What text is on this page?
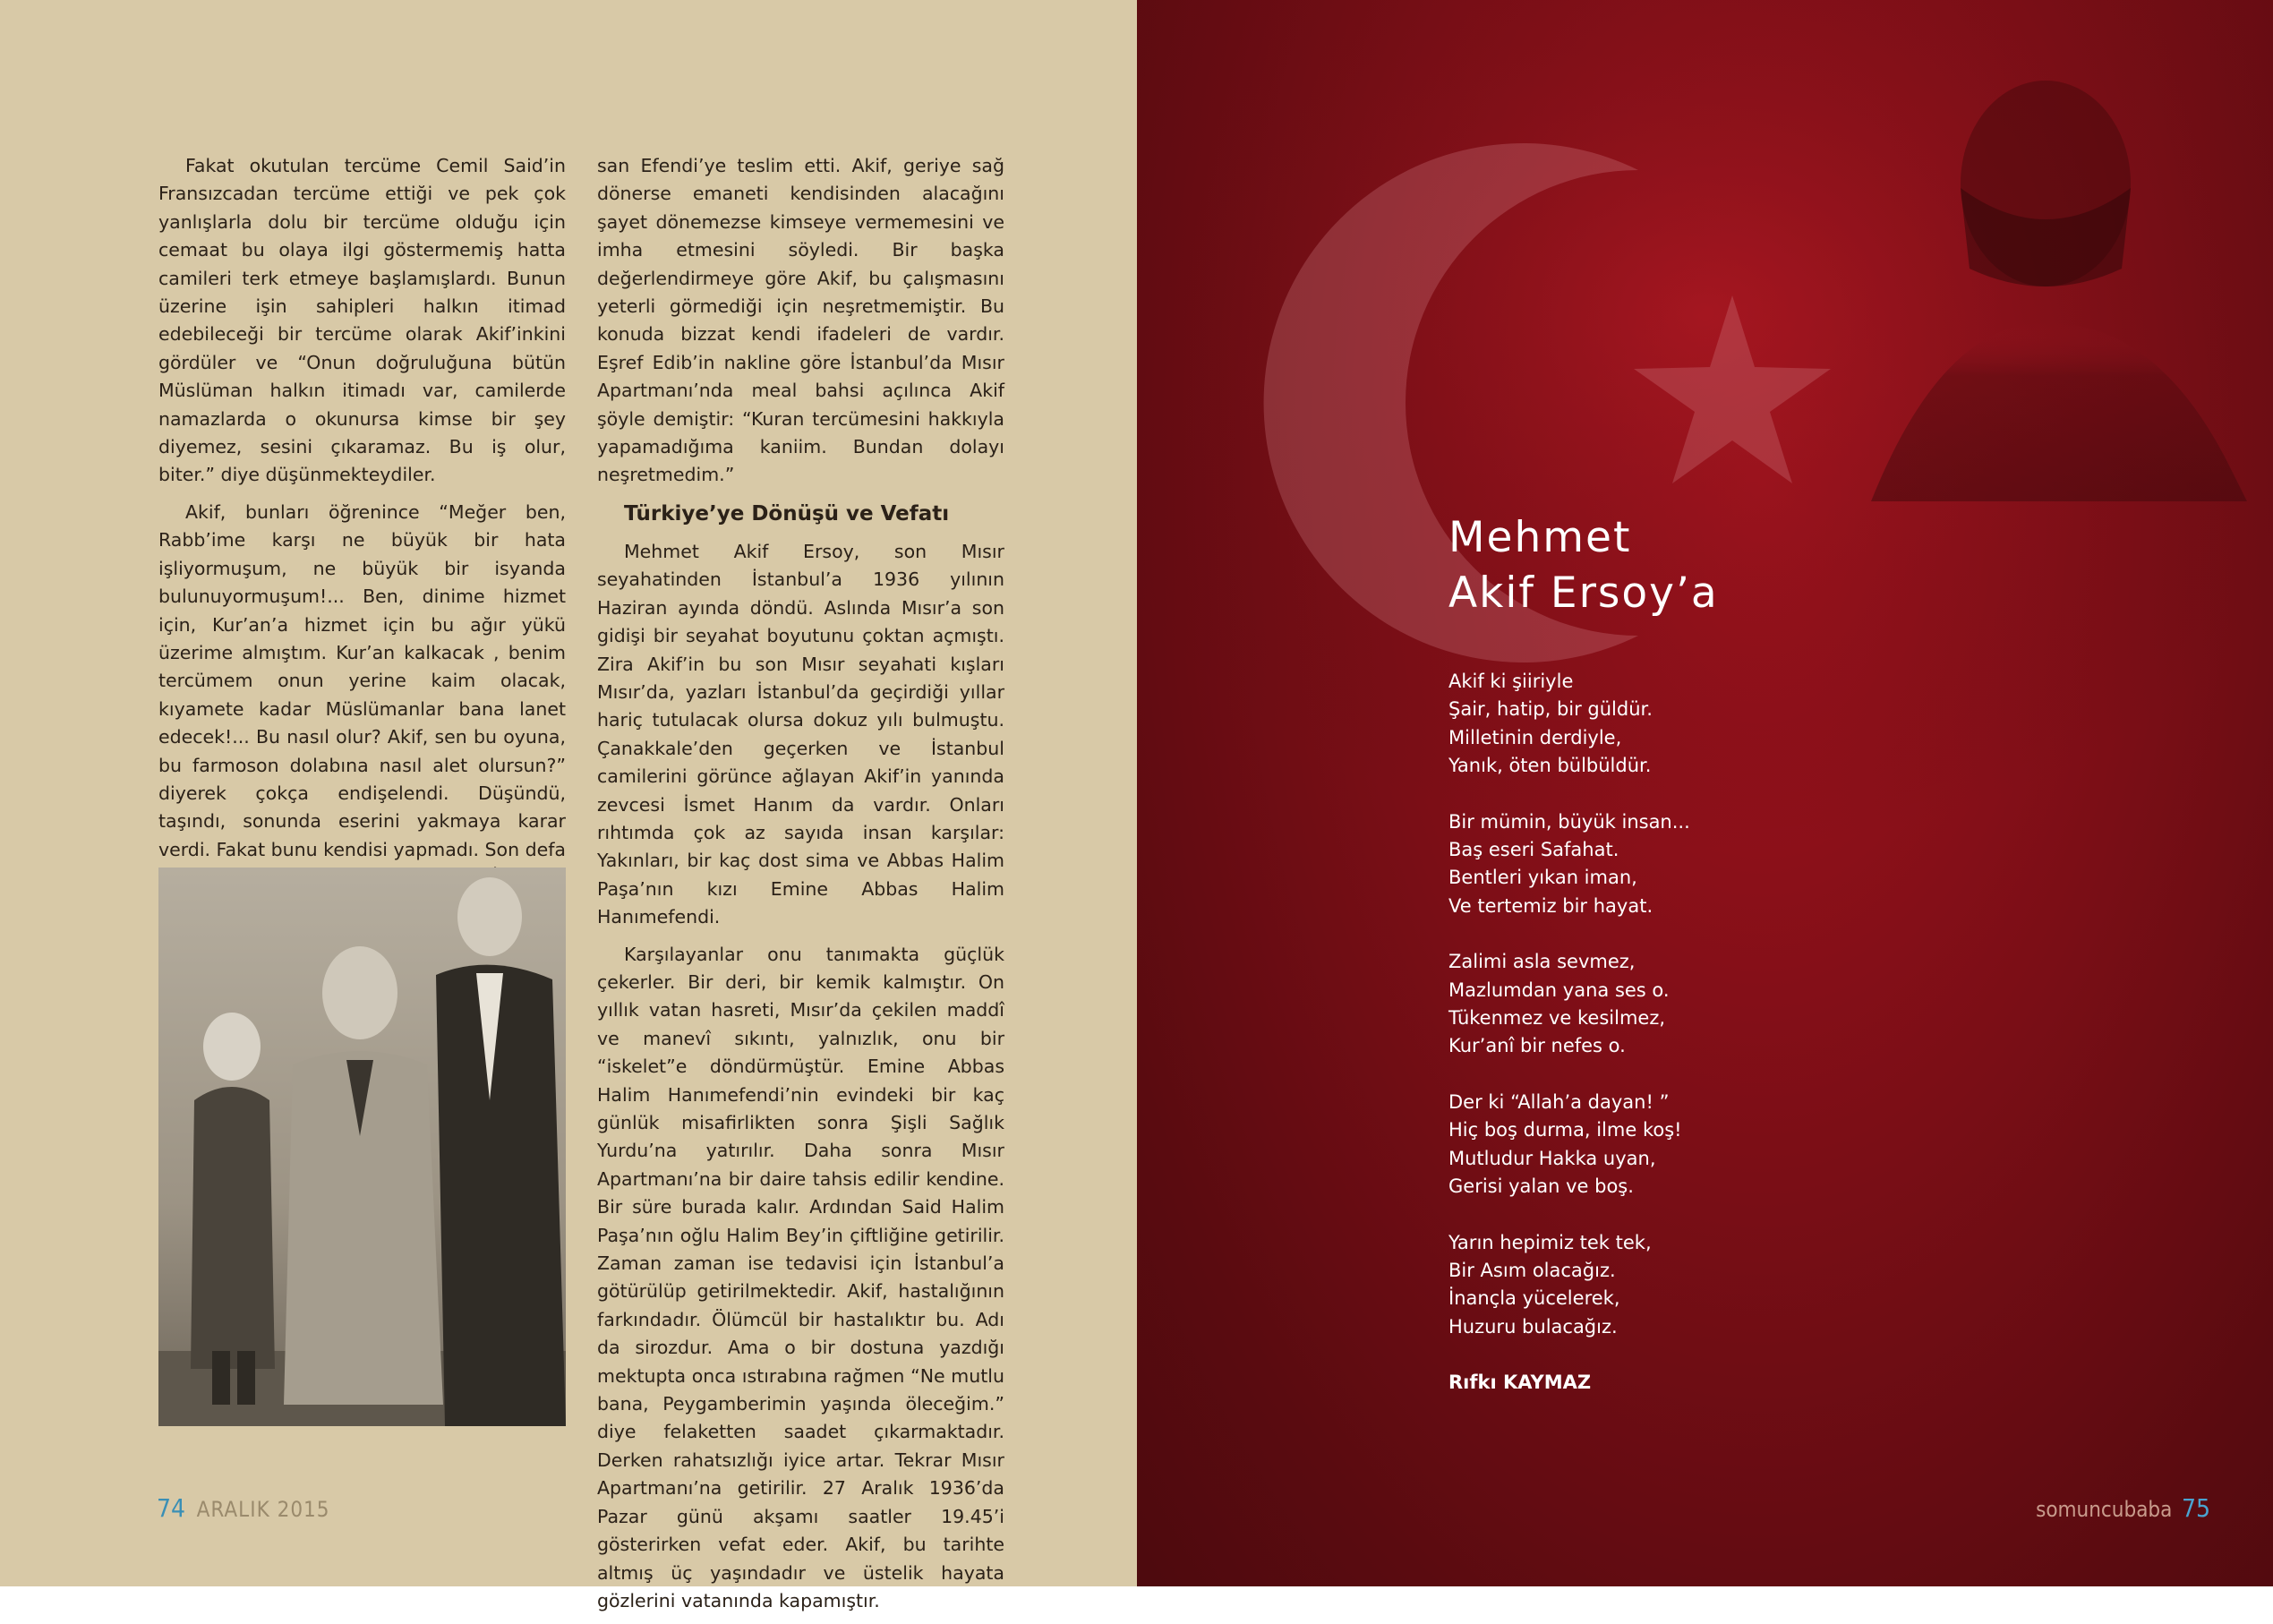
Fakat okutulan tercüme Cemil Said’in Fransızcadan tercüme ettiği ve pek çok yanlışlarla dolu bir tercüme olduğu için cemaat bu olaya ilgi göstermemiş hatta camileri terk etmeye başlamışlardı. Bunun üzerine işin sahipleri halkın itimad edebileceği bir tercüme olarak Akif’inkini gördüler ve “Onun doğruluğuna bütün Müslüman halkın itimadı var, camilerde namazlarda o okunursa kimse bir şey diyemez, sesini çıkaramaz. Bu iş olur, biter.” diye düşünmekteydiler.

Akif, bunları öğrenince “Meğer ben, Rabb’ime karşı ne büyük bir hata işliyormuşum, ne büyük bir isyanda bulunuyormuşum!... Ben, dinime hizmet için, Kur’an’a hizmet için bu ağır yükü üzerime almıştım. Kur’an kalkacak , benim tercümem onun yerine kaim olacak, kıyamete kadar Müslümanlar bana lanet edecek!... Bu nasıl olur? Akif, sen bu oyuna, bu farmoson dolabına nasıl alet olursun?” diyerek çokça endişelendi. Düşündü, taşındı, sonunda eserini yakmaya karar verdi. Fakat bunu kendisi yapmadı. Son defa

san Efendi’ye teslim etti. Akif, geriye sağ dönerse emaneti kendisinden alacağını şayet dönemezse kimseye vermemesini ve imha etmesini söyledi. Bir başka değerlendirmeye göre Akif, bu çalışmasını yeterli görmediği için neşretmemiştir. Bu konuda bizzat kendi ifadeleri de vardır. Eşref Edib’in nakline göre İstanbul’da Mısır Apartmanı’nda meal bahsi açılınca Akif şöyle demiştir: “Kuran tercümesini hakkıyla yapamadığıma kaniim. Bundan dolayı neşretmedim.”

Türkiye’ye Dönüşü ve Vefatı

Mehmet Akif Ersoy, son Mısır seyahatinden İstanbul’a 1936 yılının Haziran ayında döndü. Aslında Mısır’a son gidişi bir seyahat boyutunu çoktan açmıştı. Zira Akif’in bu son Mısır seyahati kışları Mısır’da, yazları İstanbul’da geçirdiği yıllar hariç tutulacak olursa dokuz yılı bulmuştu. Çanakkale’den geçerken ve İstanbul camilerini görünce ağlayan Akif’in yanında zevcesi İsmet Hanım da vardır. Onları rıhtımda çok az sayıda insan karşılar: Yakınları, bir kaç dost sima ve Abbas Halim Paşa’nın kızı Emine Abbas Halim Hanımefendi.

Karşılayanlar onu tanımakta güçlük çekerler. Bir deri, bir kemik kalmıştır. On yıllık vatan hasreti, Mısır’da çekilen maddî ve manevî sıkıntı, yalnızlık, onu bir “iskelet”e döndürmüştür. Emine Abbas Halim Hanımefendi’nin evindeki bir kaç günlük misafirlikten sonra Şişli Sağlık Yurdu’na yatırılır. Daha sonra Mısır Apartmanı’na bir daire tahsis edilir kendine. Bir süre burada kalır. Ardından Said Halim Paşa’nın oğlu Halim Bey’in çiftliğine getirilir. Zaman zaman ise tedavisi için İstanbul’a götürülüp getirilmektedir. Akif, hastalığının farkındadır. Ölümcül bir hastalıktır bu. Adı da sirozdur. Ama o bir dostuna yazdığı mektupta onca ıstırabına rağmen “Ne mutlu bana, Peygamberimin yaşında öleceğim.” diye felaketten saadet çıkarmaktadır. Derken rahatsızlığı iyice artar. Tekrar Mısır Apartmanı’na getirilir. 27 Aralık 1936’da Pazar günü akşamı saatler 19.45’i gösterirken vefat eder. Akif, bu tarihte altmış üç yaşındadır ve üstelik hayata gözlerini vatanında kapamıştır.

74 ARALIK 2015
Mehmet
Akif Ersoy’a
Akif ki şiiriyle
Şair, hatip, bir güldür.
Milletinin derdiyle,
Yanık, öten bülbüldür.
Bir mümin, büyük insan...
Baş eseri Safahat.
Bentleri yıkan iman,
Ve tertemiz bir hayat.
Zalimi asla sevmez,
Mazlumdan yana ses o.
Tükenmez ve kesilmez,
Kur’anî bir nefes o.
Der ki “Allah’a dayan! ”
Hiç boş durma, ilme koş!
Mutludur Hakka uyan,
Gerisi yalan ve boş.
Yarın hepimiz tek tek,
Bir Asım olacağız.
İnançla yücelerek,
Huzuru bulacağız.
Rıfkı KAYMAZ
somuncubaba 75
